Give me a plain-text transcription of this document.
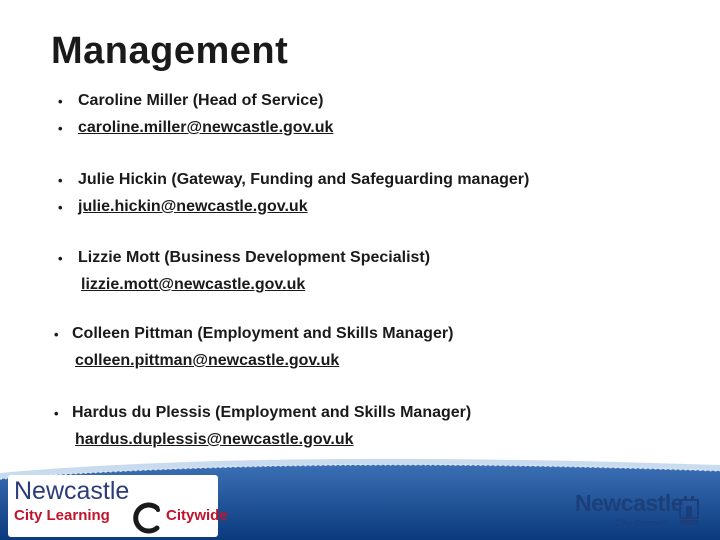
Management
• Caroline Miller (Head of Service)
• caroline.miller@newcastle.gov.uk
• Julie Hickin (Gateway, Funding and Safeguarding manager)
• julie.hickin@newcastle.gov.uk
• Lizzie Mott (Business Development Specialist)
lizzie.mott@newcastle.gov.uk
• Colleen Pittman (Employment and Skills Manager)
colleen.pittman@newcastle.gov.uk
• Hardus du Plessis (Employment and Skills Manager)
hardus.duplessis@newcastle.gov.uk
Newcastle
City Learning	Citywide	Newcastle
City Council
